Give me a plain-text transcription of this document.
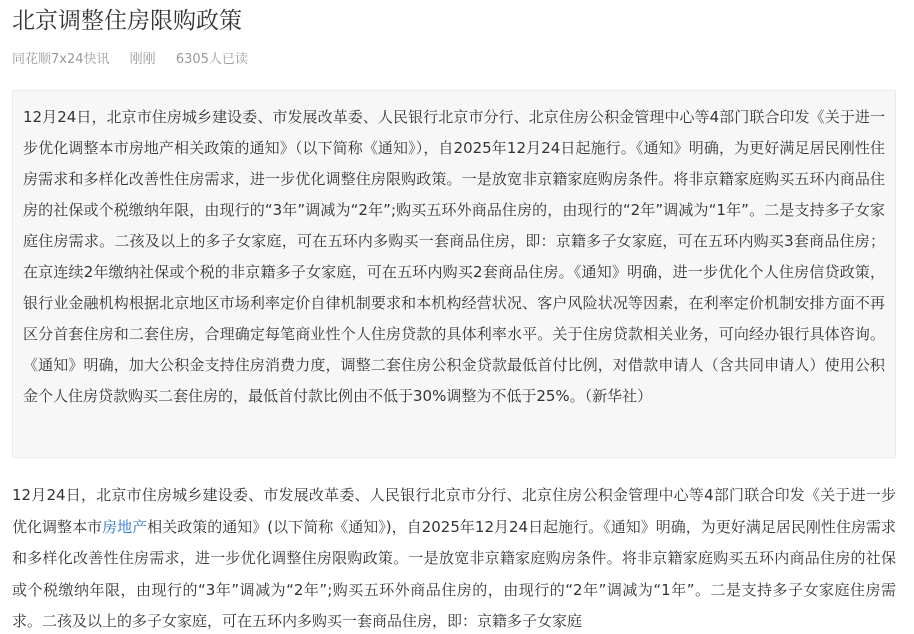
北京调整住房限购政策
同花顺7x24快讯 刚刚 6305人已读
12月24日，北京市住房城乡建设委、市发展改革委、人民银行北京市分行、北京住房公积金管理中心等4部门联合印发《关于进一步优化调整本市房地产相关政策的通知》（以下简称《通知》），自2025年12月24日起施行。《通知》明确，为更好满足居民刚性住房需求和多样化改善性住房需求，进一步优化调整住房限购政策。一是放宽非京籍家庭购房条件。将非京籍家庭购买五环内商品住房的社保或个税缴纳年限，由现行的“3年”调减为“2年”;购买五环外商品住房的，由现行的“2年”调减为“1年”。二是支持多子女家庭住房需求。二孩及以上的多子女家庭，可在五环内多购买一套商品住房，即：京籍多子女家庭，可在五环内购买3套商品住房；在京连续2年缴纳社保或个税的非京籍多子女家庭，可在五环内购买2套商品住房。《通知》明确，进一步优化个人住房信贷政策，银行业金融机构根据北京地区市场利率定价自律机制要求和本机构经营状况、客户风险状况等因素，在利率定价机制安排方面不再区分首套住房和二套住房，合理确定每笔商业性个人住房贷款的具体利率水平。关于住房贷款相关业务，可向经办银行具体咨询。《通知》明确，加大公积金支持住房消费力度，调整二套住房公积金贷款最低首付比例，对借款申请人（含共同申请人）使用公积金个人住房贷款购买二套住房的，最低首付款比例由不低于30%调整为不低于25%。（新华社）
12月24日，北京市住房城乡建设委、市发展改革委、人民银行北京市分行、北京住房公积金管理中心等4部门联合印发《关于进一步优化调整本市房地产相关政策的通知》(以下简称《通知》)，自2025年12月24日起施行。《通知》明确，为更好满足居民刚性住房需求和多样化改善性住房需求，进一步优化调整住房限购政策。一是放宽非京籍家庭购房条件。将非京籍家庭购买五环内商品住房的社保或个税缴纳年限，由现行的“3年”调减为“2年”;购买五环外商品住房的，由现行的“2年”调减为“1年”。二是支持多子女家庭住房需求。二孩及以上的多子女家庭，可在五环内多购买一套商品住房，即：京籍多子女家庭
